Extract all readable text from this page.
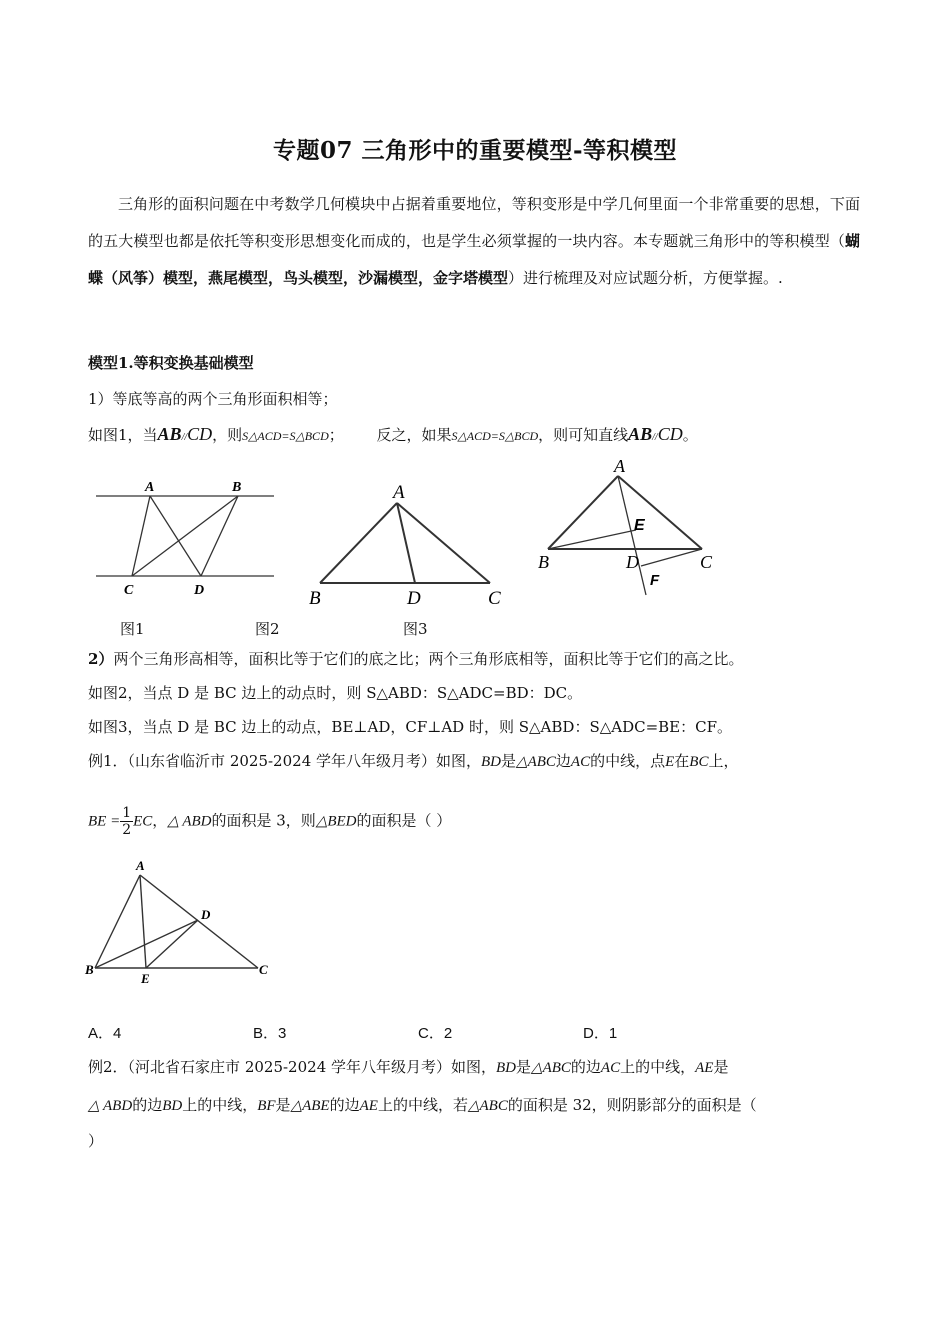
专题07 三角形中的重要模型-等积模型
三角形的面积问题在中考数学几何模块中占据着重要地位，等积变形是中学几何里面一个非常重要的思想，下面的五大模型也都是依托等积变形思想变化而成的，也是学生必须掌握的一块内容。本专题就三角形中的等积模型（蝴蝶（风筝）模型，燕尾模型，鸟头模型，沙漏模型，金字塔模型）进行梳理及对应试题分析，方便掌握。.
模型1.等积变换基础模型
1）等底等高的两个三角形面积相等；
如图1，当AB//CD，则S△ACD=S△BCD； 反之，如果S△ACD=S△BCD，则可知直线AB//CD。
A	B
C	D
A
B	D	C
A
E
B	D	C
F
图1	图2	图3
2）两个三角形高相等，面积比等于它们的底之比；两个三角形底相等，面积比等于它们的高之比。
如图2，当点 D 是 BC 边上的动点时，则 S△ABD：S△ADC=BD：DC。
如图3，当点 D 是 BC 边上的动点，BE⊥AD，CF⊥AD 时，则 S△ABD：S△ADC=BE：CF。
例1．（山东省临沂市 2025-2024 学年八年级月考）如图，BD是△ABC边AC的中线，点E在BC上，
BE = $\frac{1}{2}$ EC，△ ABD的面积是 3，则△BED的面积是（ ）
A
D
B
E
C
A．4	B．3	C．2	D．1
例2．（河北省石家庄市 2025-2024 学年八年级月考）如图，BD是△ABC的边AC上的中线，AE是
△ ABD的边BD上的中线，BF是△ABE的边AE上的中线，若△ABC的面积是 32，则阴影部分的面积是（
）
